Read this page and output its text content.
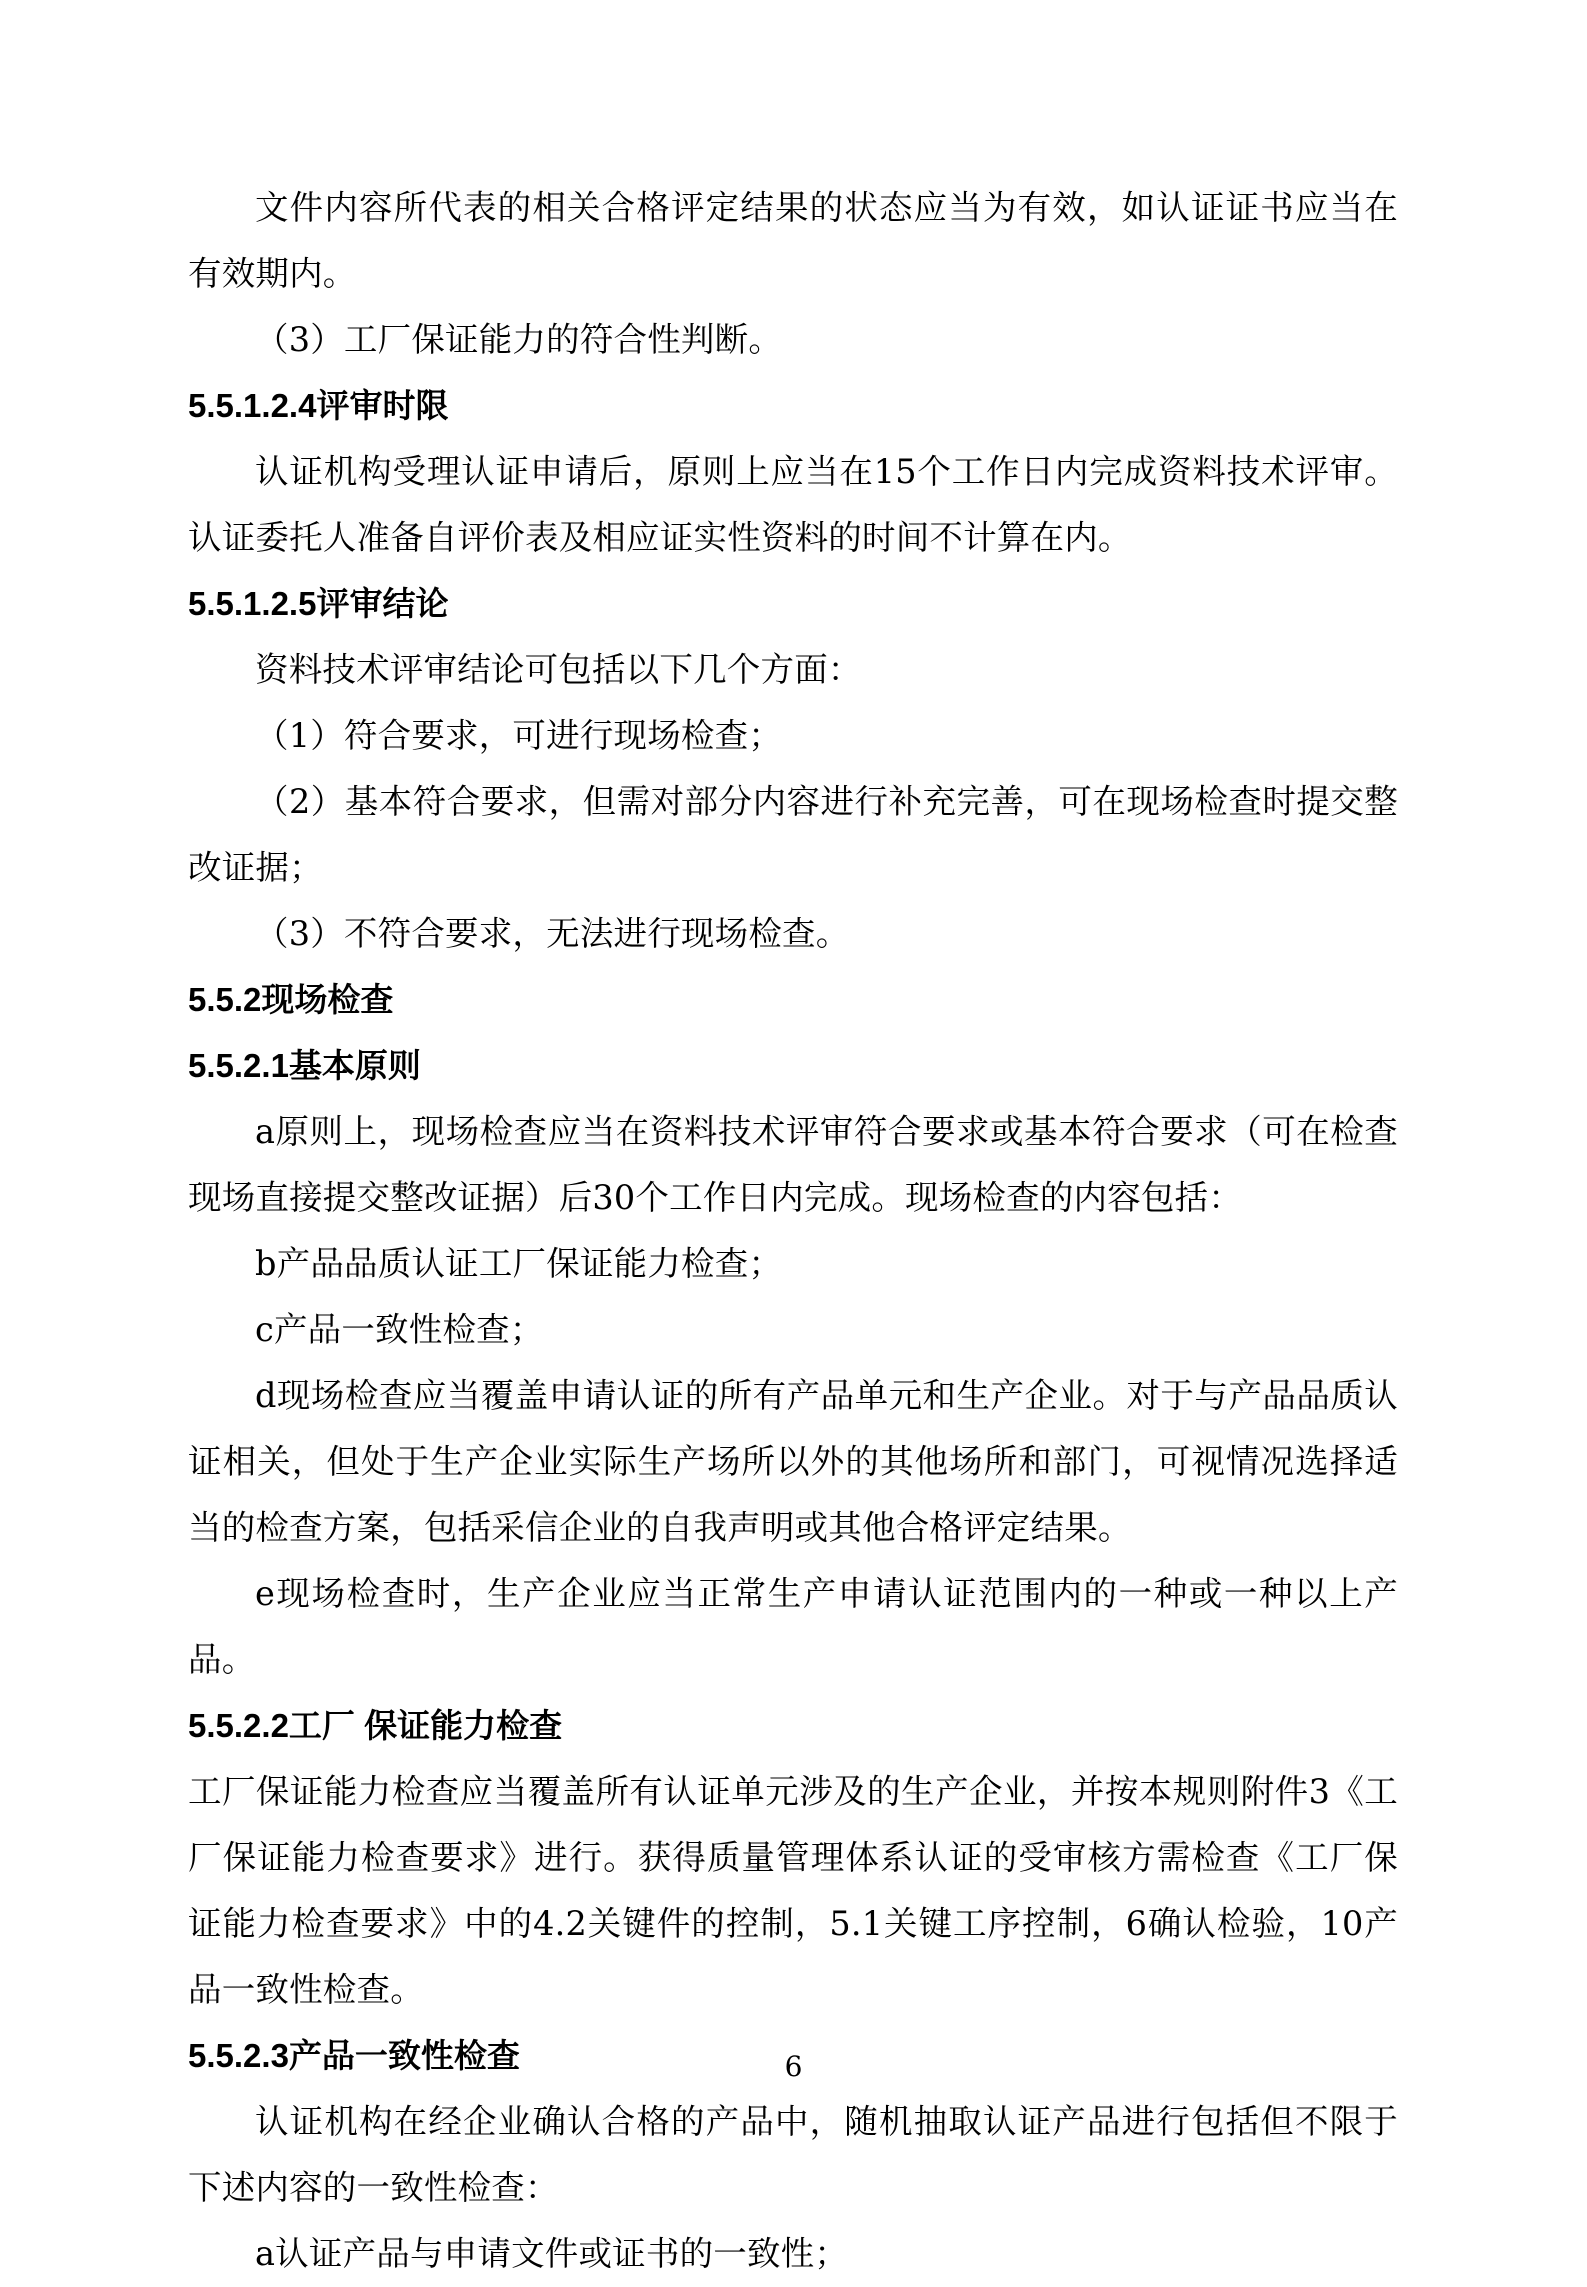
文件内容所代表的相关合格评定结果的状态应当为有效，如认证证书应当在有效期内。

（3）工厂保证能力的符合性判断。

5.5.1.2.4评审时限

认证机构受理认证申请后，原则上应当在15个工作日内完成资料技术评审。认证委托人准备自评价表及相应证实性资料的时间不计算在内。

5.5.1.2.5评审结论

资料技术评审结论可包括以下几个方面：

（1）符合要求，可进行现场检查；

（2）基本符合要求，但需对部分内容进行补充完善，可在现场检查时提交整改证据；

（3）不符合要求，无法进行现场检查。

5.5.2现场检查
5.5.2.1基本原则

a原则上，现场检查应当在资料技术评审符合要求或基本符合要求（可在检查现场直接提交整改证据）后30个工作日内完成。现场检查的内容包括：

b产品品质认证工厂保证能力检查；

c产品一致性检查；

d现场检查应当覆盖申请认证的所有产品单元和生产企业。对于与产品品质认证相关，但处于生产企业实际生产场所以外的其他场所和部门，可视情况选择适当的检查方案，包括采信企业的自我声明或其他合格评定结果。

e现场检查时，生产企业应当正常生产申请认证范围内的一种或一种以上产品。

5.5.2.2工厂 保证能力检查

工厂保证能力检查应当覆盖所有认证单元涉及的生产企业，并按本规则附件3《工厂保证能力检查要求》进行。获得质量管理体系认证的受审核方需检查《工厂保证能力检查要求》中的4.2关键件的控制，5.1关键工序控制，6确认检验，10产品一致性检查。

5.5.2.3产品一致性检查

认证机构在经企业确认合格的产品中，随机抽取认证产品进行包括但不限于下述内容的一致性检查：

a认证产品与申请文件或证书的一致性；

6
